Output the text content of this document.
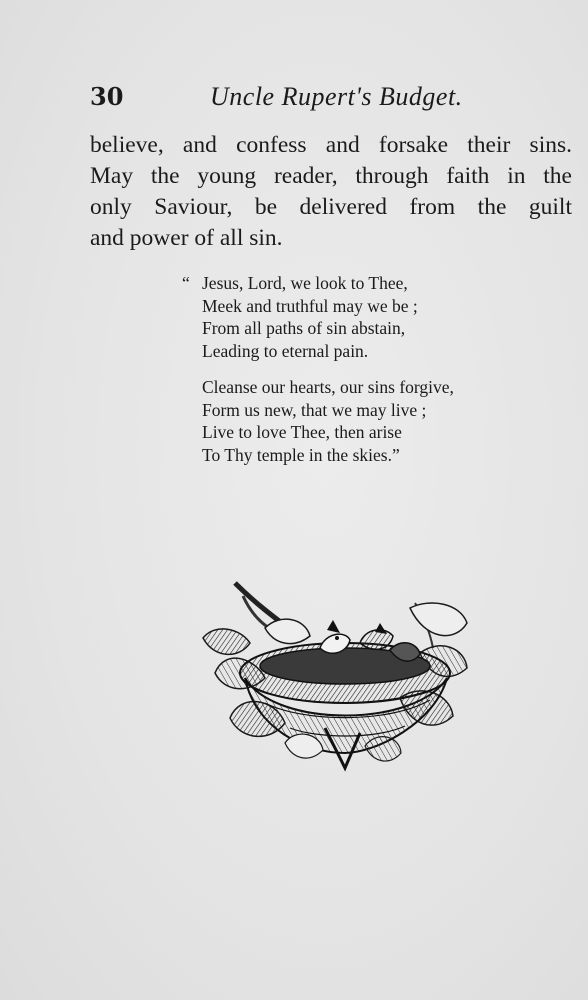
30	Uncle Rupert's Budget.
believe, and confess and forsake their sins.
May the young reader, through faith in the
only Saviour, be delivered from the guilt
and power of all sin.
“ Jesus, Lord, we look to Thee,
Meek and truthful may we be ;
From all paths of sin abstain,
Leading to eternal pain.
Cleanse our hearts, our sins forgive,
Form us new, that we may live ;
Live to love Thee, then arise
To Thy temple in the skies.”
